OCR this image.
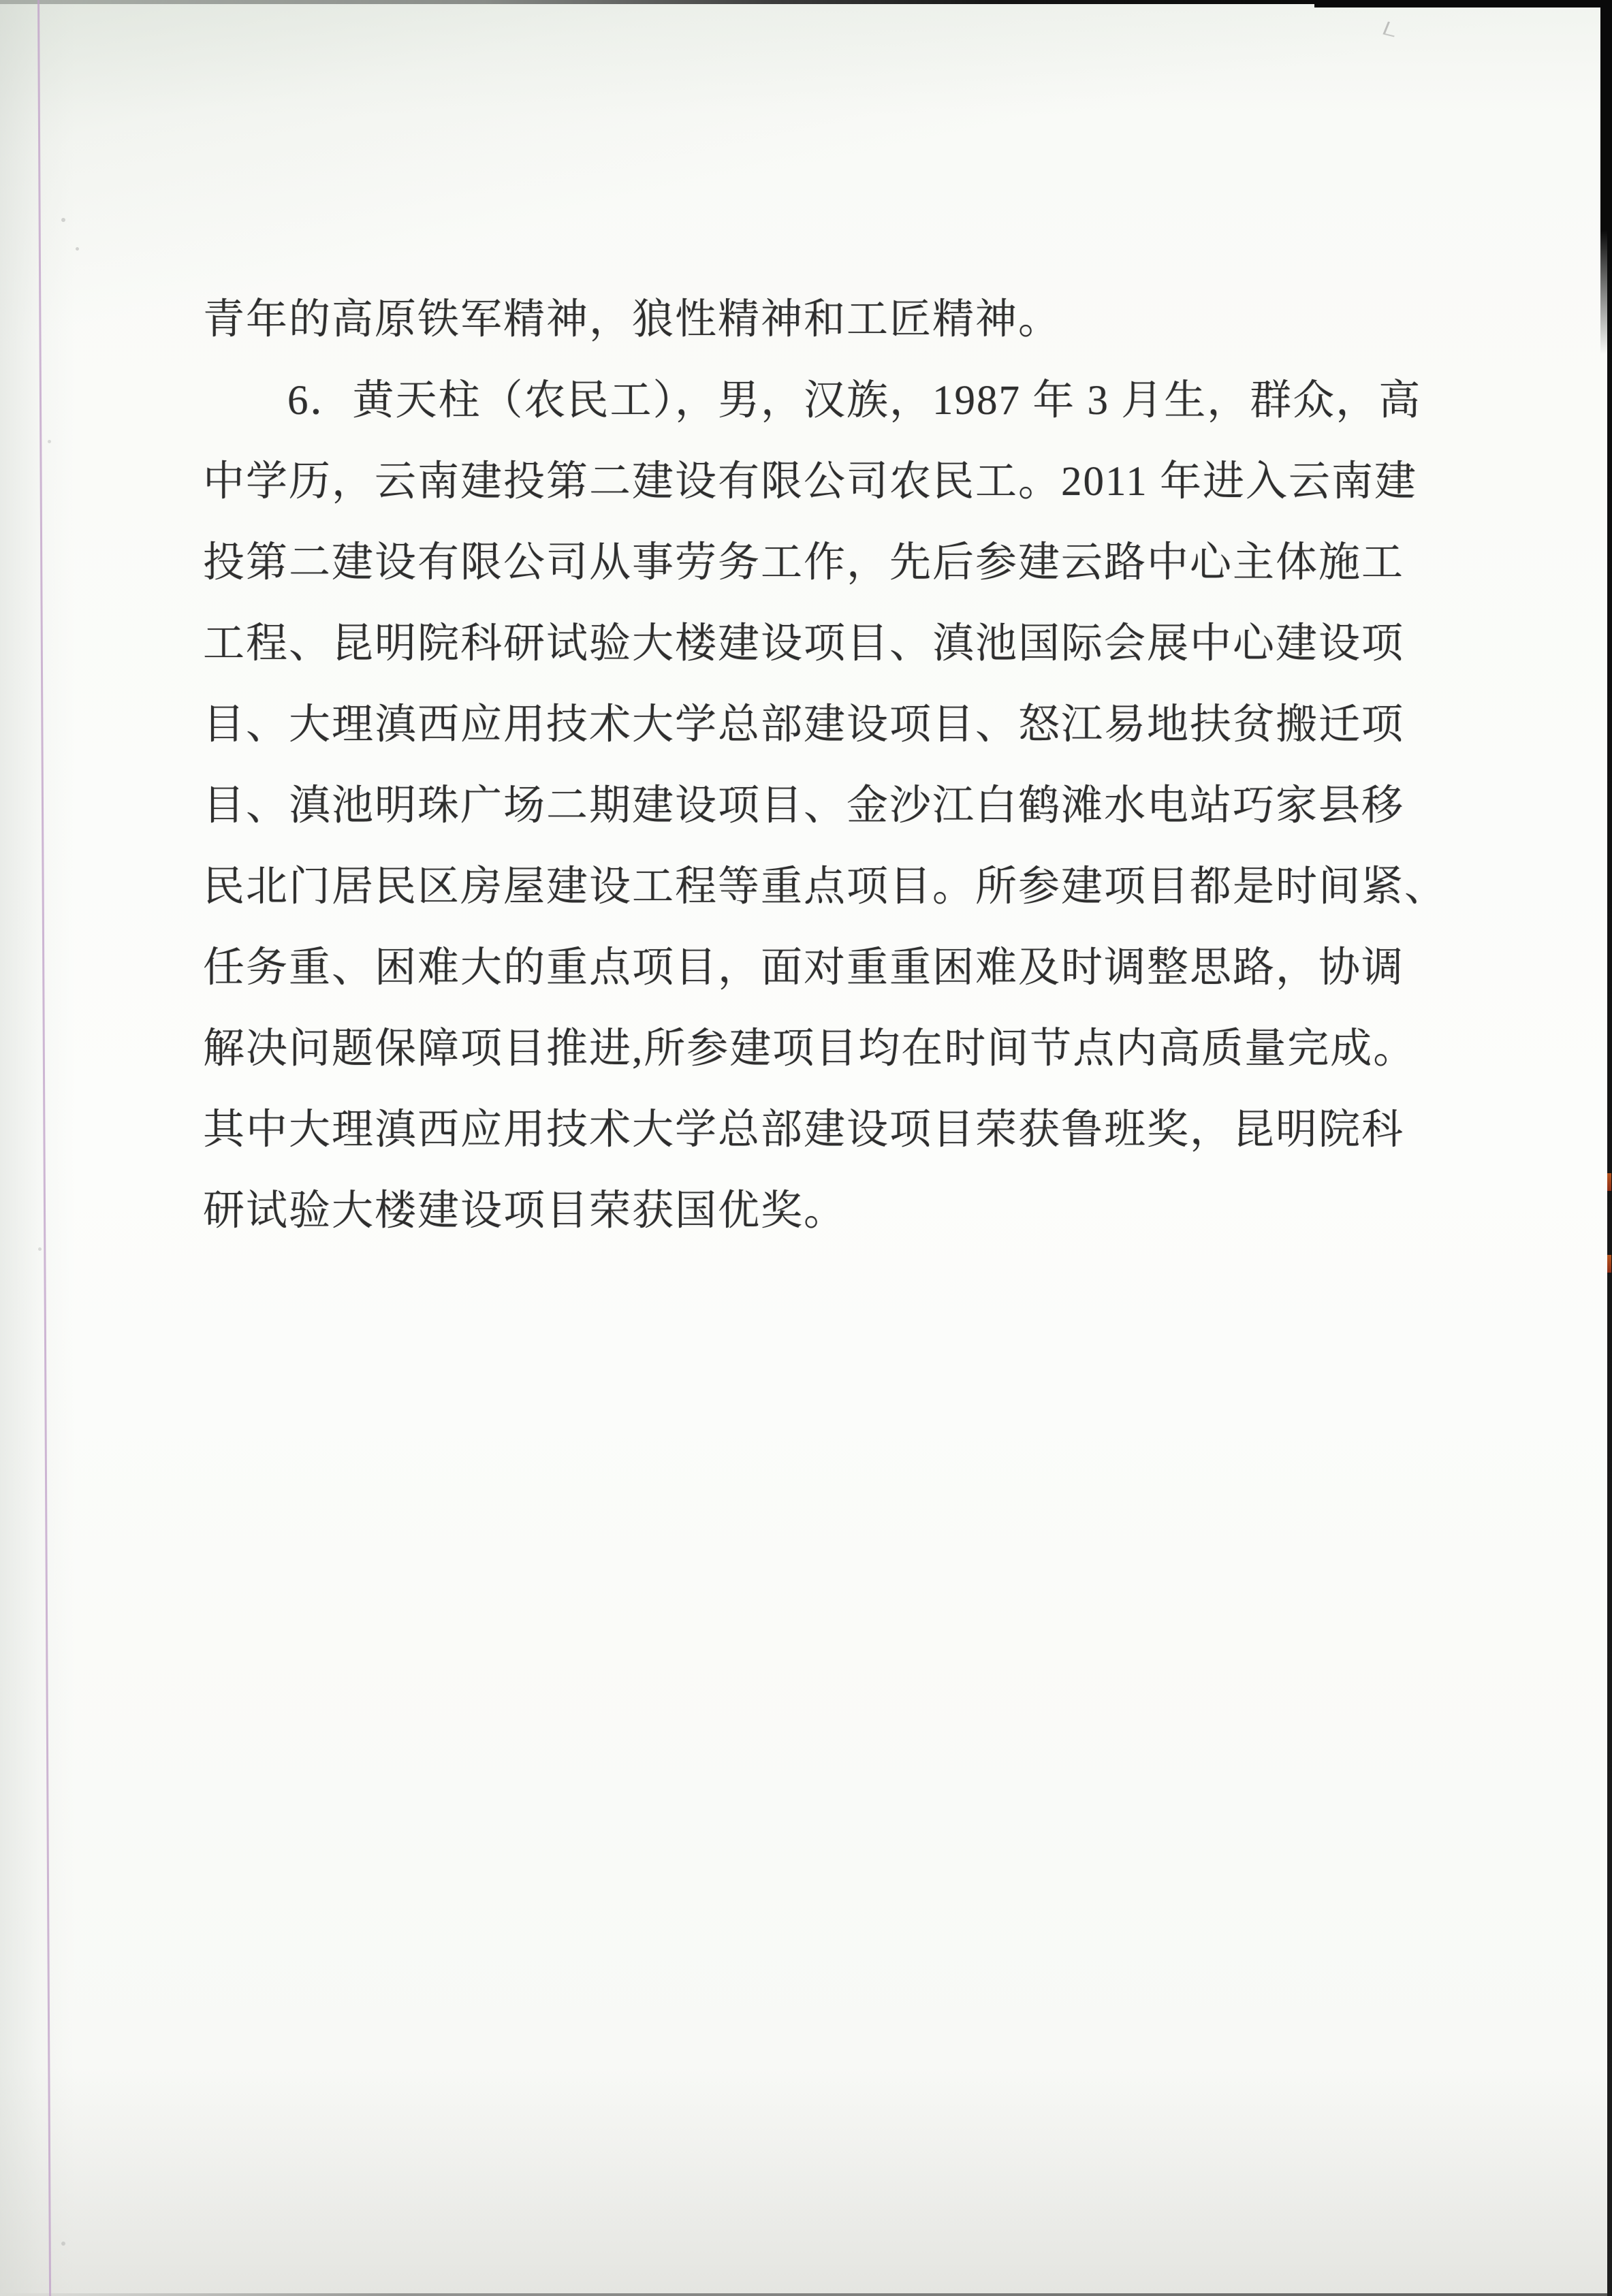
青年的高原铁军精神，狼性精神和工匠精神。
6．黄天柱（农民工），男，汉族，1987 年 3 月生，群众，高
中学历，云南建投第二建设有限公司农民工。2011 年进入云南建
投第二建设有限公司从事劳务工作，先后参建云路中心主体施工
工程、昆明院科研试验大楼建设项目、滇池国际会展中心建设项
目、大理滇西应用技术大学总部建设项目、怒江易地扶贫搬迁项
目、滇池明珠广场二期建设项目、金沙江白鹤滩水电站巧家县移
民北门居民区房屋建设工程等重点项目。所参建项目都是时间紧、
任务重、困难大的重点项目，面对重重困难及时调整思路，协调
解决问题保障项目推进,所参建项目均在时间节点内高质量完成。
其中大理滇西应用技术大学总部建设项目荣获鲁班奖，昆明院科
研试验大楼建设项目荣获国优奖。
